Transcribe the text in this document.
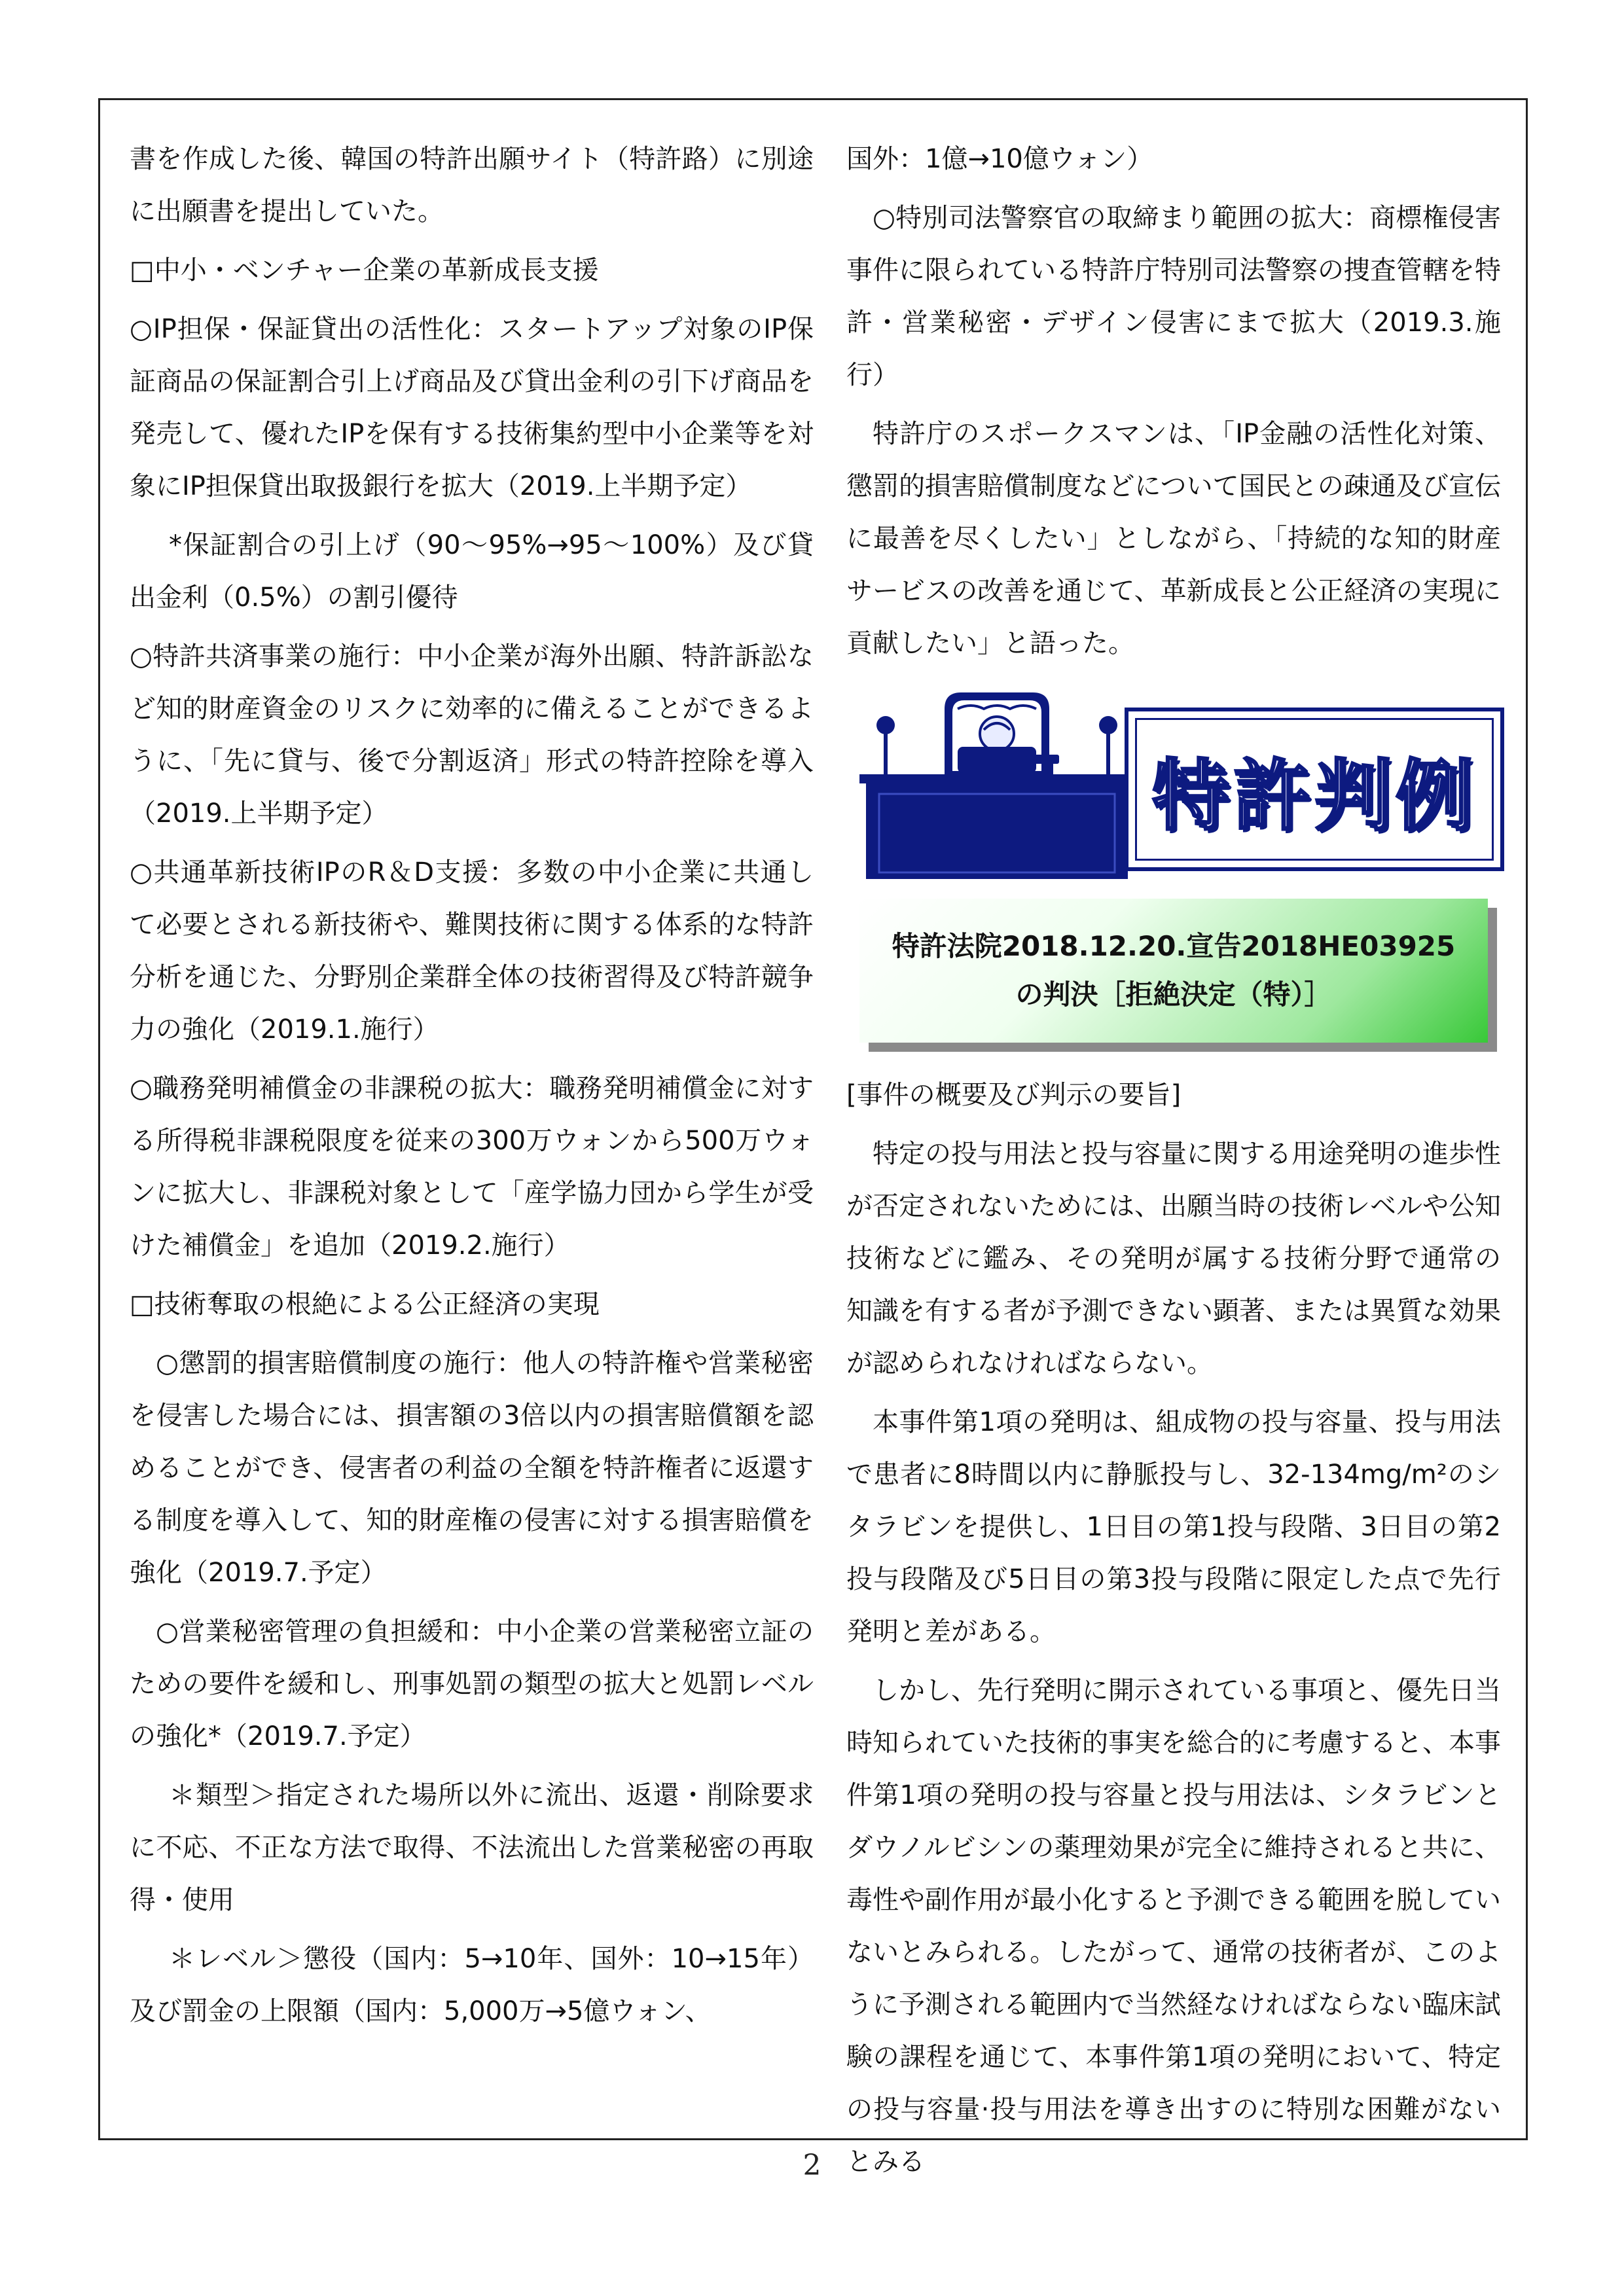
書を作成した後、韓国の特許出願サイト（特許路）に別途に出願書を提出していた。

□中小・ベンチャー企業の革新成長支援

○IP担保・保証貸出の活性化：スタートアップ対象のIP保証商品の保証割合引上げ商品及び貸出金利の引下げ商品を発売して、優れたIPを保有する技術集約型中小企業等を対象にIP担保貸出取扱銀行を拡大（2019.上半期予定）

*保証割合の引上げ（90～95%→95～100%）及び貸出金利（0.5%）の割引優待

○特許共済事業の施行：中小企業が海外出願、特許訴訟など知的財産資金のリスクに効率的に備えることができるように、「先に貸与、後で分割返済」形式の特許控除を導入（2019.上半期予定）

○共通革新技術IPのR＆D支援：多数の中小企業に共通して必要とされる新技術や、難関技術に関する体系的な特許分析を通じた、分野別企業群全体の技術習得及び特許競争力の強化（2019.1.施行）

○職務発明補償金の非課税の拡大：職務発明補償金に対する所得税非課税限度を従来の300万ウォンから500万ウォンに拡大し、非課税対象として「産学協力団から学生が受けた補償金」を追加（2019.2.施行）

□技術奪取の根絶による公正経済の実現

○懲罰的損害賠償制度の施行：他人の特許権や営業秘密を侵害した場合には、損害額の3倍以内の損害賠償額を認めることができ、侵害者の利益の全額を特許権者に返還する制度を導入して、知的財産権の侵害に対する損害賠償を強化（2019.7.予定）

○営業秘密管理の負担緩和：中小企業の営業秘密立証のための要件を緩和し、刑事処罰の類型の拡大と処罰レベルの強化*（2019.7.予定）

＊類型＞指定された場所以外に流出、返還・削除要求に不応、不正な方法で取得、不法流出した営業秘密の再取得・使用

＊レベル＞懲役（国内：5→10年、国外：10→15年）及び罰金の上限額（国内：5,000万→5億ウォン、

国外：1億→10億ウォン）

○特別司法警察官の取締まり範囲の拡大：商標権侵害事件に限られている特許庁特別司法警察の捜査管轄を特許・営業秘密・デザイン侵害にまで拡大（2019.3.施行）

特許庁のスポークスマンは、「IP金融の活性化対策、懲罰的損害賠償制度などについて国民との疎通及び宣伝に最善を尽くしたい」としながら、「持続的な知的財産サービスの改善を通じて、革新成長と公正経済の実現に貢献したい」と語った。

特許判例
特許法院2018.12.20.宣告2018HE03925
の判決［拒絶決定（特）］

[事件の概要及び判示の要旨]

特定の投与用法と投与容量に関する用途発明の進歩性が否定されないためには、出願当時の技術レベルや公知技術などに鑑み、その発明が属する技術分野で通常の知識を有する者が予測できない顕著、または異質な効果が認められなければならない。

本事件第1項の発明は、組成物の投与容量、投与用法で患者に8時間以内に静脈投与し、32-134mg/m²のシタラビンを提供し、1日目の第1投与段階、3日目の第2投与段階及び5日目の第3投与段階に限定した点で先行発明と差がある。

しかし、先行発明に開示されている事項と、優先日当時知られていた技術的事実を総合的に考慮すると、本事件第1項の発明の投与容量と投与用法は、シタラビンとダウノルビシンの薬理効果が完全に維持されると共に、毒性や副作用が最小化すると予測できる範囲を脱していないとみられる。したがって、通常の技術者が、このように予測される範囲内で当然経なければならない臨床試験の課程を通じて、本事件第1項の発明において、特定の投与容量·投与用法を導き出すのに特別な困難がないとみる

2
